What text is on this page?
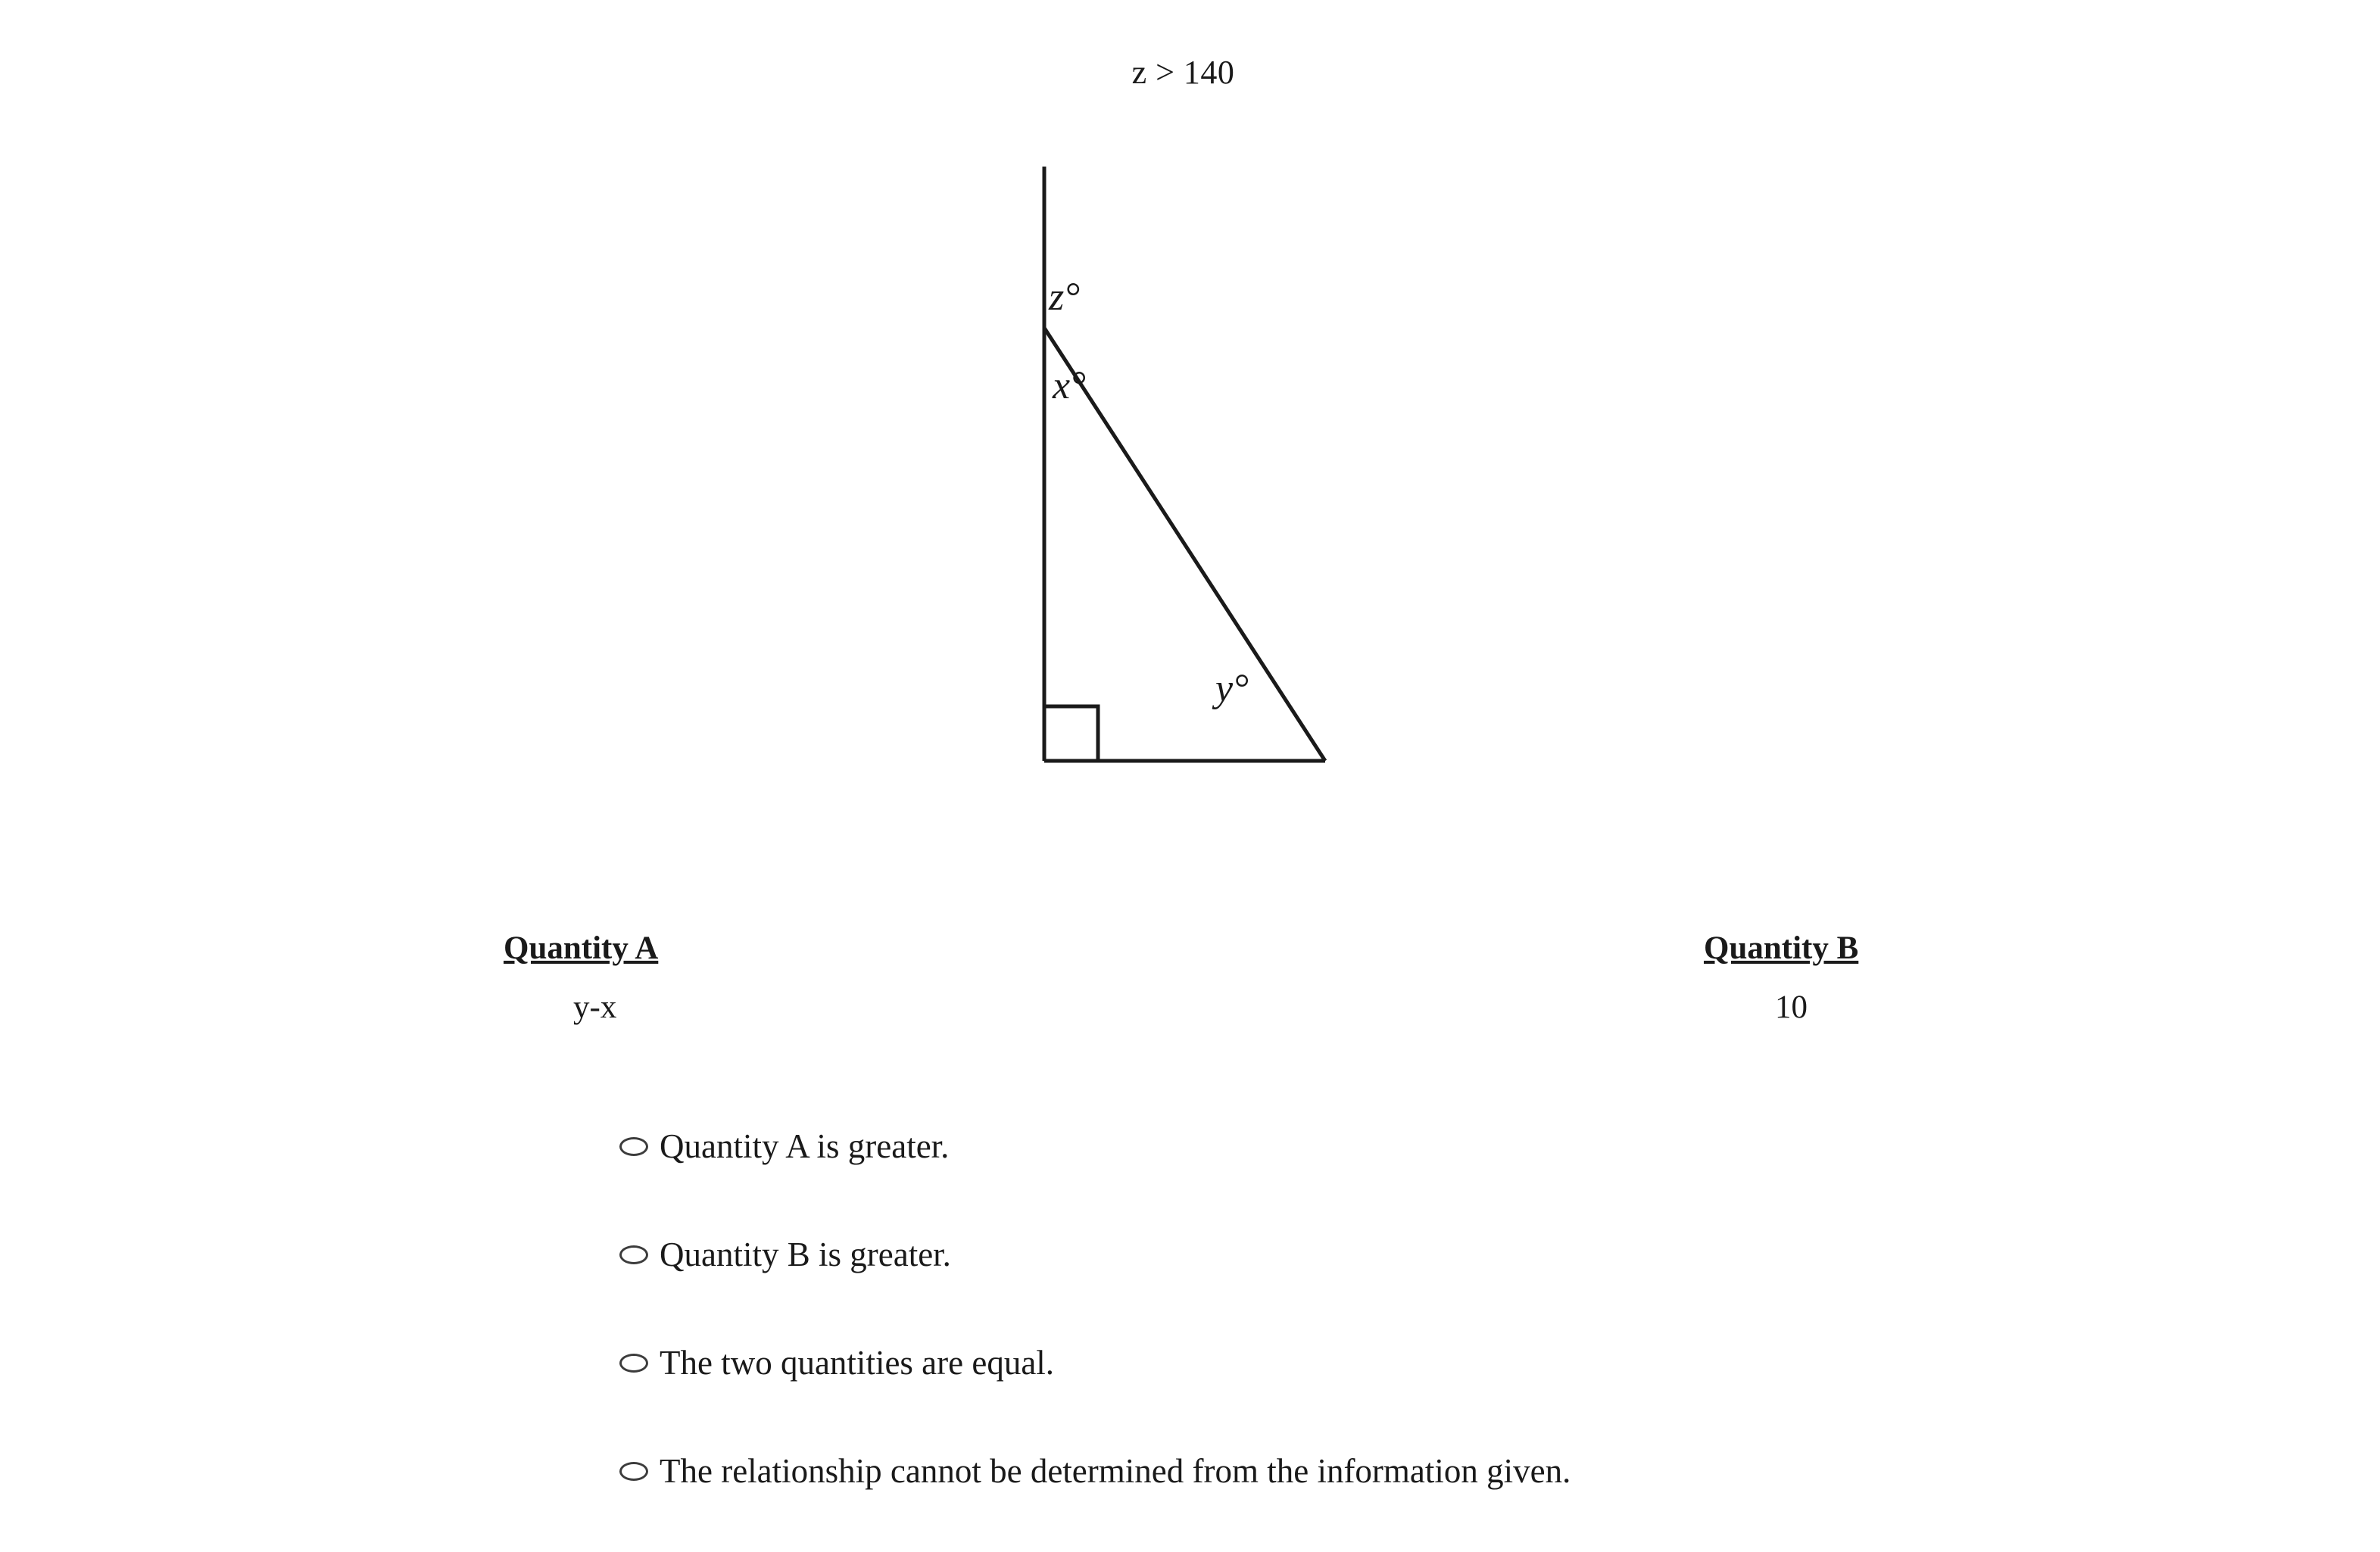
z > 140
z°
x°
y°
Quantity A
y-x
Quantity B
10
Quantity A is greater.
Quantity B is greater.
The two quantities are equal.
The relationship cannot be determined from the information given.
